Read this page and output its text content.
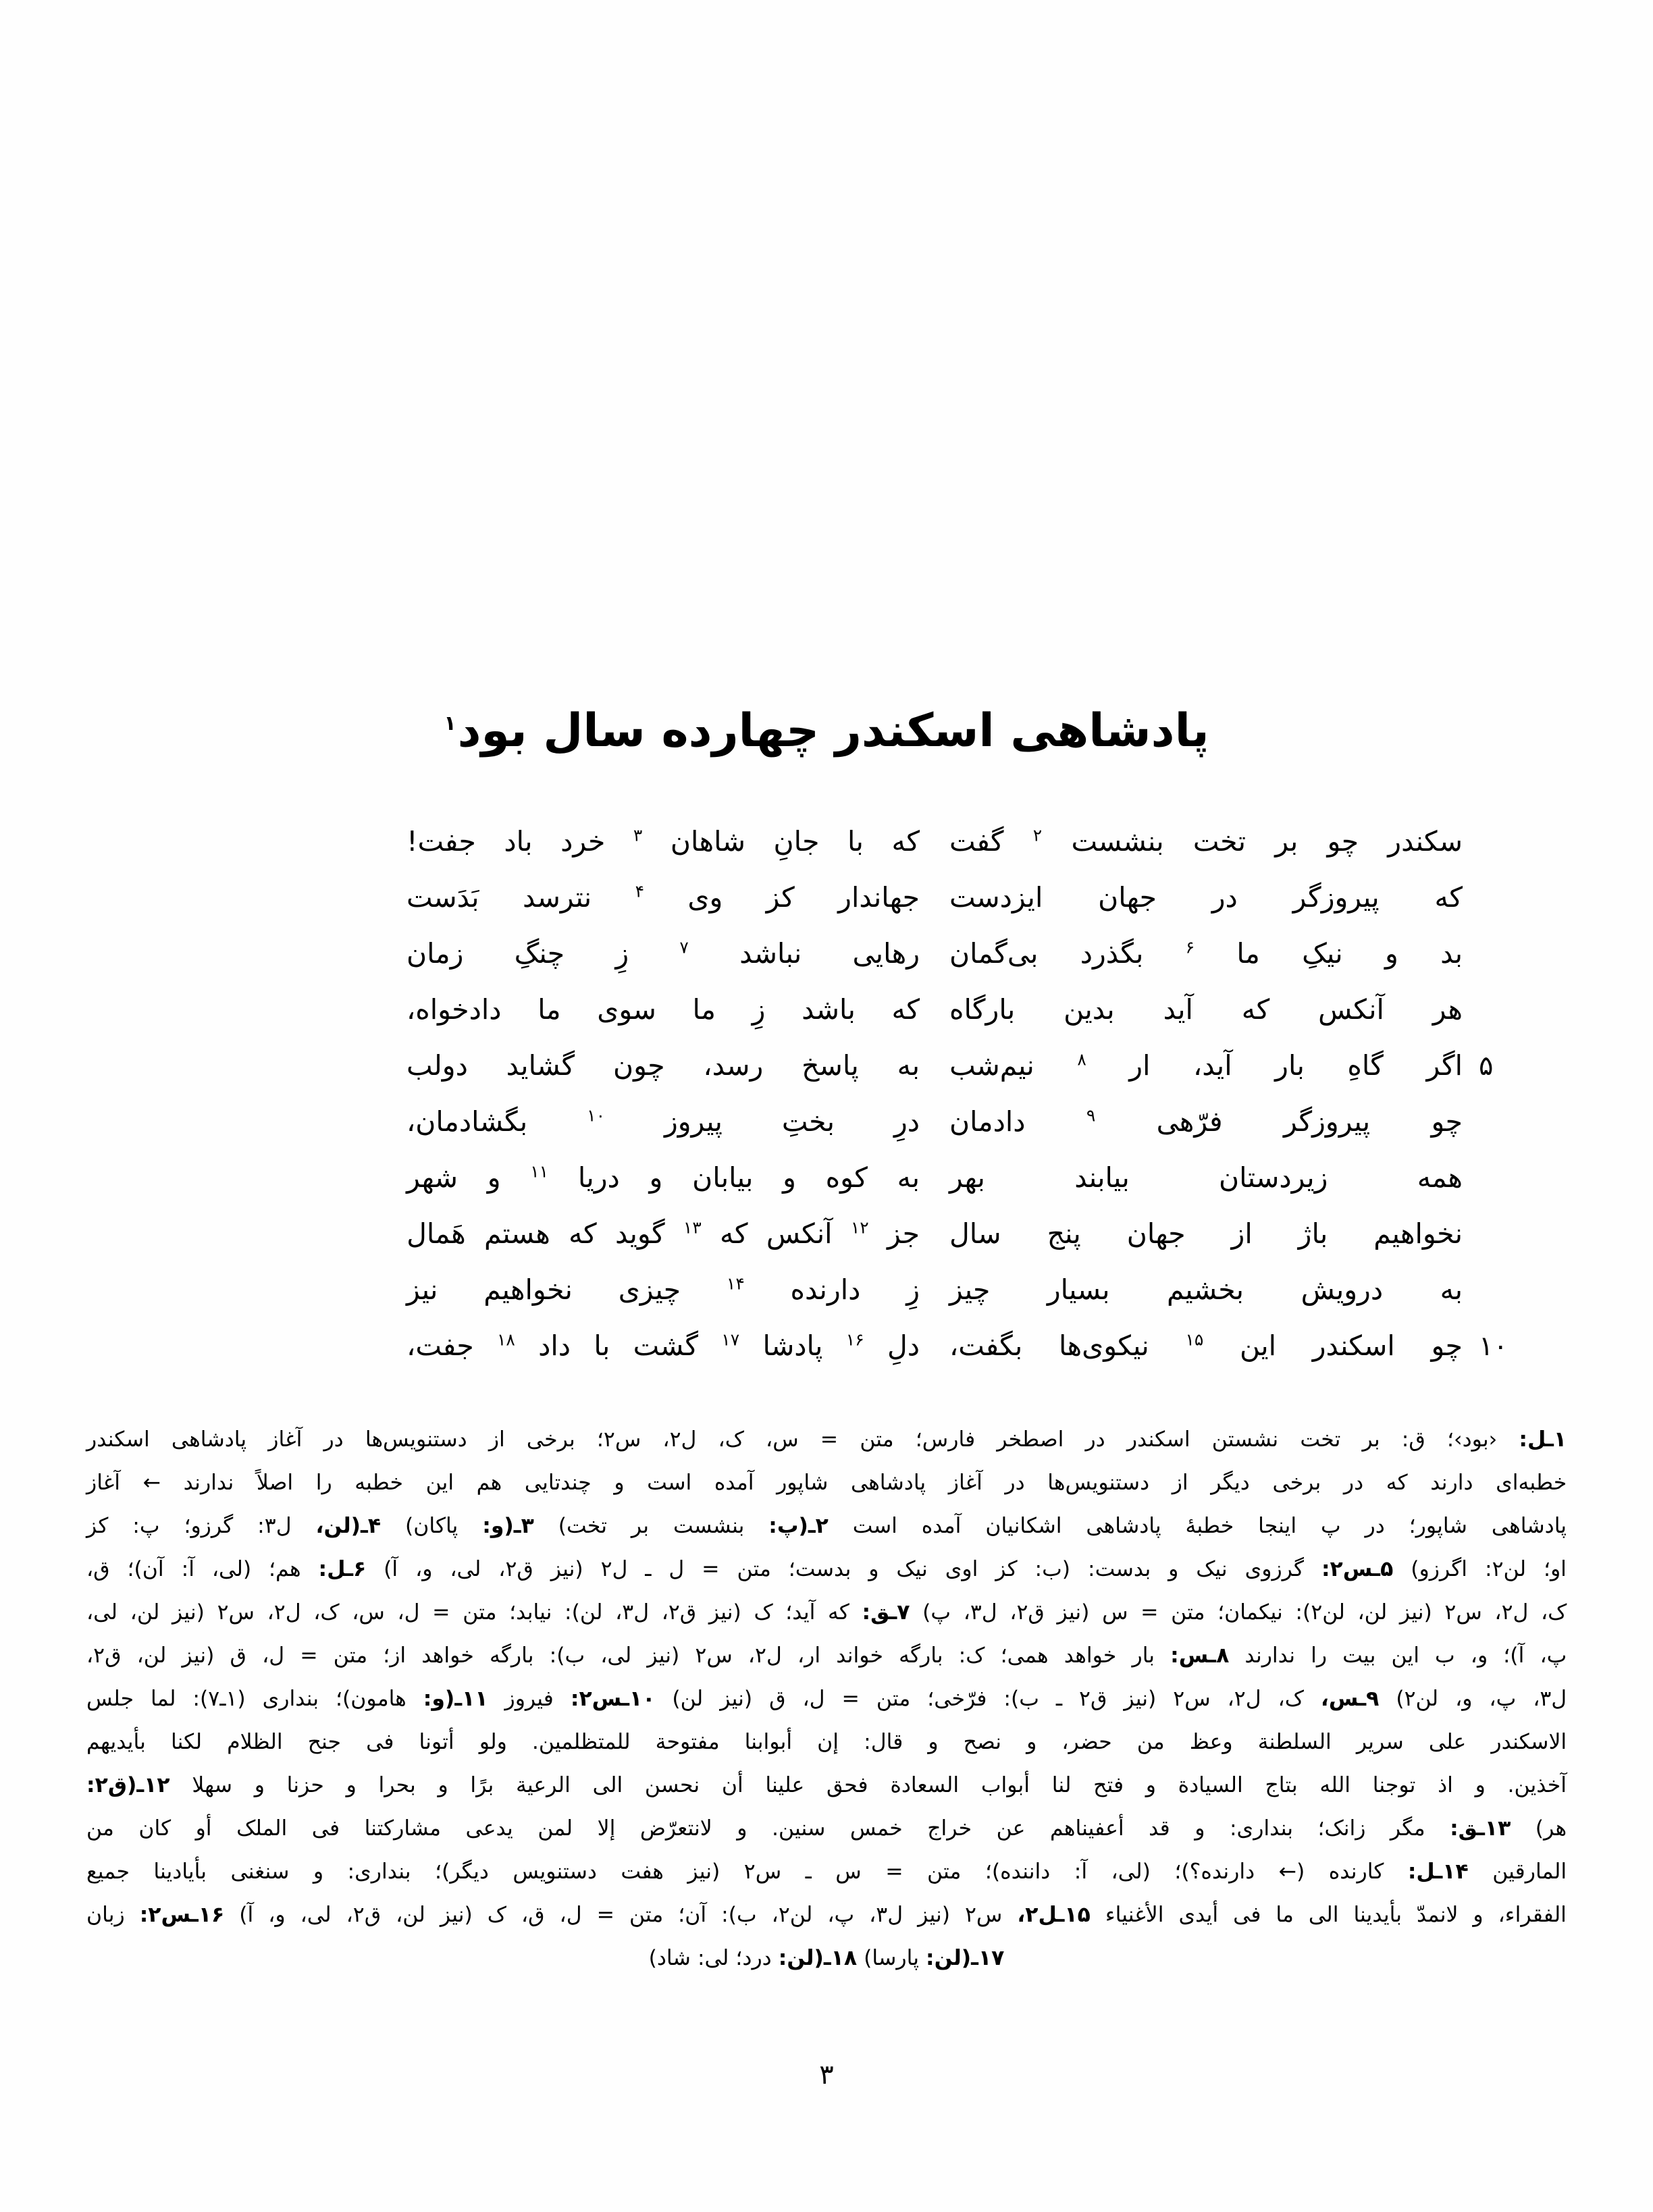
پادشاهی اسکندر چهارده سال بود$^۱$
سکندر
چو
بر
تخت
بنشست
$^۲$
گفت
که
با
جانِ
شاهان
$^۳$
خرد
باد
جفت!
که
پیروزگر
در
جهان
ایزدست
جهاندار
کز
وی
$^۴$
نترسد
بَدَست
بد
و
نیکِ
ما
$^۶$
بگذرد
بی‌گمان
رهایی
نباشد
$^۷$
زِ
چنگِ
زمان
هر
آنکس
که
آید
بدین
بارگاه
که
باشد
زِ
ما
سوی
ما
دادخواه،
۵
اگر
گاهِ
بار
آید،
ار
$^۸$
نیم‌شب
به
پاسخ
رسد،
چون
گشاید
دولب
چو
پیروزگر
فرّهی
$^۹$
دادمان
درِ
بختِ
پیروز
$^{۱۰}$
بگشادمان،
همه
زیردستان
بیابند
بهر
به
کوه
و
بیابان
و
دریا
$^{۱۱}$
و
شهر
نخواهیم
باژ
از
جهان
پنج
سال
جز
$^{۱۲}$
آنکس
که
$^{۱۳}$
گوید
که
هستم
هَمال
به
درویش
بخشیم
بسیار
چیز
زِ
دارنده
$^{۱۴}$
چیزی
نخواهیم
نیز
۱۰
چو
اسکندر
این
$^{۱۵}$
نیکوی‌ها
بگفت،
دلِ
$^{۱۶}$
پادشا
$^{۱۷}$
گشت
با
داد
$^{۱۸}$
جفت،

۱ـل: ‹بود›؛ ق: بر تخت نشستن اسکندر در اصطخر فارس؛ متن = س، ک، ل۲، س۲؛ برخی از دستنویس‌ها در آغاز پادشاهی اسکندر

خطبه‌ای دارند که در برخی دیگر از دستنویس‌ها در آغاز پادشاهی شاپور آمده است و چندتایی هم این خطبه را اصلاً ندارند ← آغاز

پادشاهی شاپور؛ در پ اینجا خطبهٔ پادشاهی اشکانیان آمده است ۲ـ(پ: بنشست بر تخت) ۳ـ(و: پاکان) ۴ـ(لن، ل۳: گرزو؛ پ: کز

او؛ لن۲: اگرزو) ۵ـس۲: گرزوی نیک و بدست: (ب: کز اوی نیک و بدست؛ متن = ل ـ ل۲ (نیز ق۲، لی، و، آ) ۶ـل: هم؛ (لی، آ: آن)؛ ق،

ک، ل۲، س۲ (نیز لن، لن۲): نیکمان؛ متن = س (نیز ق۲، ل۳، پ) ۷ـق: که آید؛ ک (نیز ق۲، ل۳، لن): نیابد؛ متن = ل، س، ک، ل۲، س۲ (نیز لن، لی،

پ، آ)؛ و، ب این بیت را ندارند ۸ـس: بار خواهد همی؛ ک: بارگه خواند ار، ل۲، س۲ (نیز لی، ب): بارگه خواهد از؛ متن = ل، ق (نیز لن، ق۲،

ل۳، پ، و، لن۲) ۹ـس، ک، ل۲، س۲ (نیز ق۲ ـ ب): فرّخی؛ متن = ل، ق (نیز لن) ۱۰ـس۲: فیروز ۱۱ـ(و: هامون)؛ بنداری (۱ـ۷): لما جلس

الاسکندر علی سریر السلطنة وعظ من حضر، و نصح و قال: إن أبوابنا مفتوحة للمتظلمین. ولو أتونا فی جنح الظلام لکنا بأیدیهم

آخذین. و اذ توجنا الله بتاج السیادة و فتح لنا أبواب السعادة فحق علینا أن نحسن الی الرعیة برًا و بحرا و حزنا و سهلا ۱۲ـ(ق۲:

هر) ۱۳ـق: مگر زانک؛ بنداری: و قد أعفیناهم عن خراج خمس سنین. و لانتعرّض إلا لمن یدعی مشارکتنا فی الملک أو کان من

المارقین ۱۴ـل: کارنده (← دارنده؟)؛ (لی، آ: داننده)؛ متن = س ـ س۲ (نیز هفت دستنویس دیگر)؛ بنداری: و سنغنی بأیادینا جمیع

الفقراء، و لانمدّ بأیدینا الی ما فی أیدی الأغنیاء ۱۵ـل۲، س۲ (نیز ل۳، پ، لن۲، ب): آن؛ متن = ل، ق، ک (نیز لن، ق۲، لی، و، آ) ۱۶ـس۲: زبان

۱۷ـ(لن: پارسا) ۱۸ـ(لن: درد؛ لی: شاد)

۳
